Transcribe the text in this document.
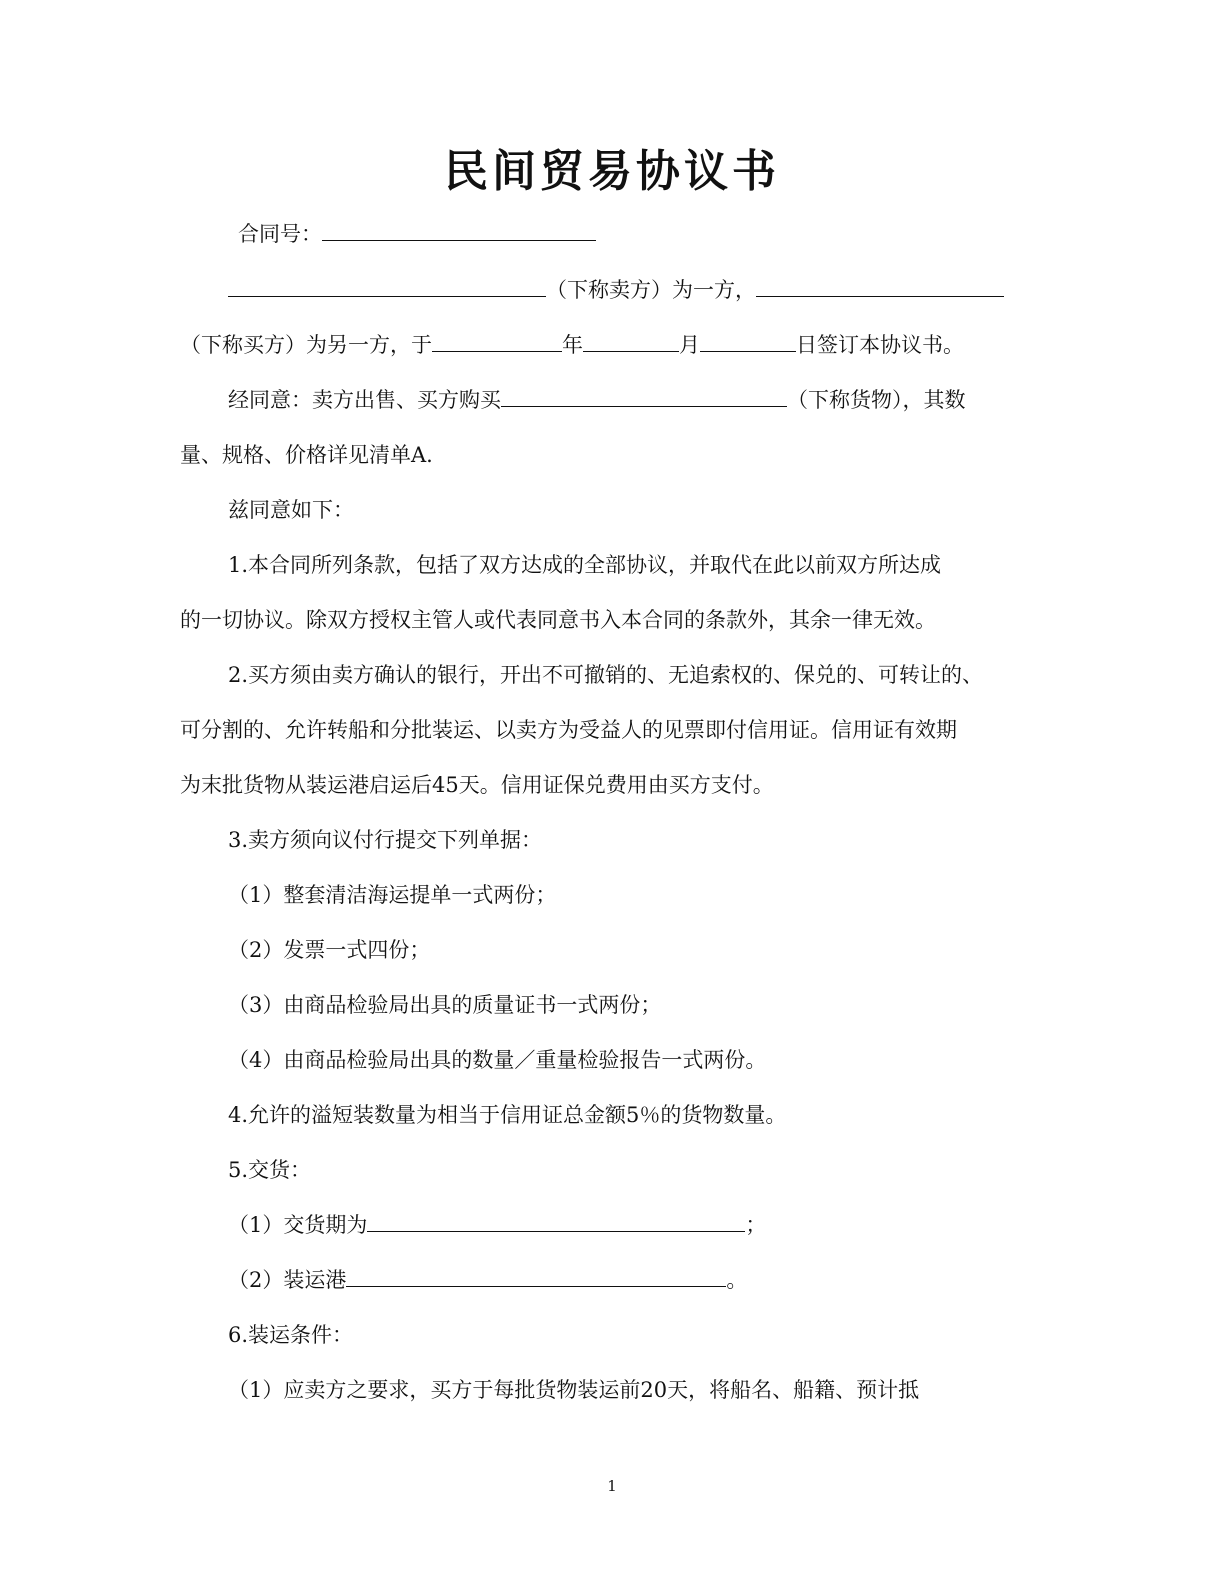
民间贸易协议书
合同号：
（下称卖方）为一方，
（下称买方）为另一方，于	年	月	日签订本协议书。
经同意：卖方出售、买方购买	（下称货物），其数
量、规格、价格详见清单A.
兹同意如下：
1.本合同所列条款，包括了双方达成的全部协议，并取代在此以前双方所达成
的一切协议。除双方授权主管人或代表同意书入本合同的条款外，其余一律无效。
2.买方须由卖方确认的银行，开出不可撤销的、无追索权的、保兑的、可转让的、
可分割的、允许转船和分批装运、以卖方为受益人的见票即付信用证。信用证有效期
为末批货物从装运港启运后45天。信用证保兑费用由买方支付。
3.卖方须向议付行提交下列单据：
（1）整套清洁海运提单一式两份；
（2）发票一式四份；
（3）由商品检验局出具的质量证书一式两份；
（4）由商品检验局出具的数量／重量检验报告一式两份。
4.允许的溢短装数量为相当于信用证总金额5％的货物数量。
5.交货：
（1）交货期为	；
（2）装运港	。
6.装运条件：
（1）应卖方之要求，买方于每批货物装运前20天，将船名、船籍、预计抵
1
